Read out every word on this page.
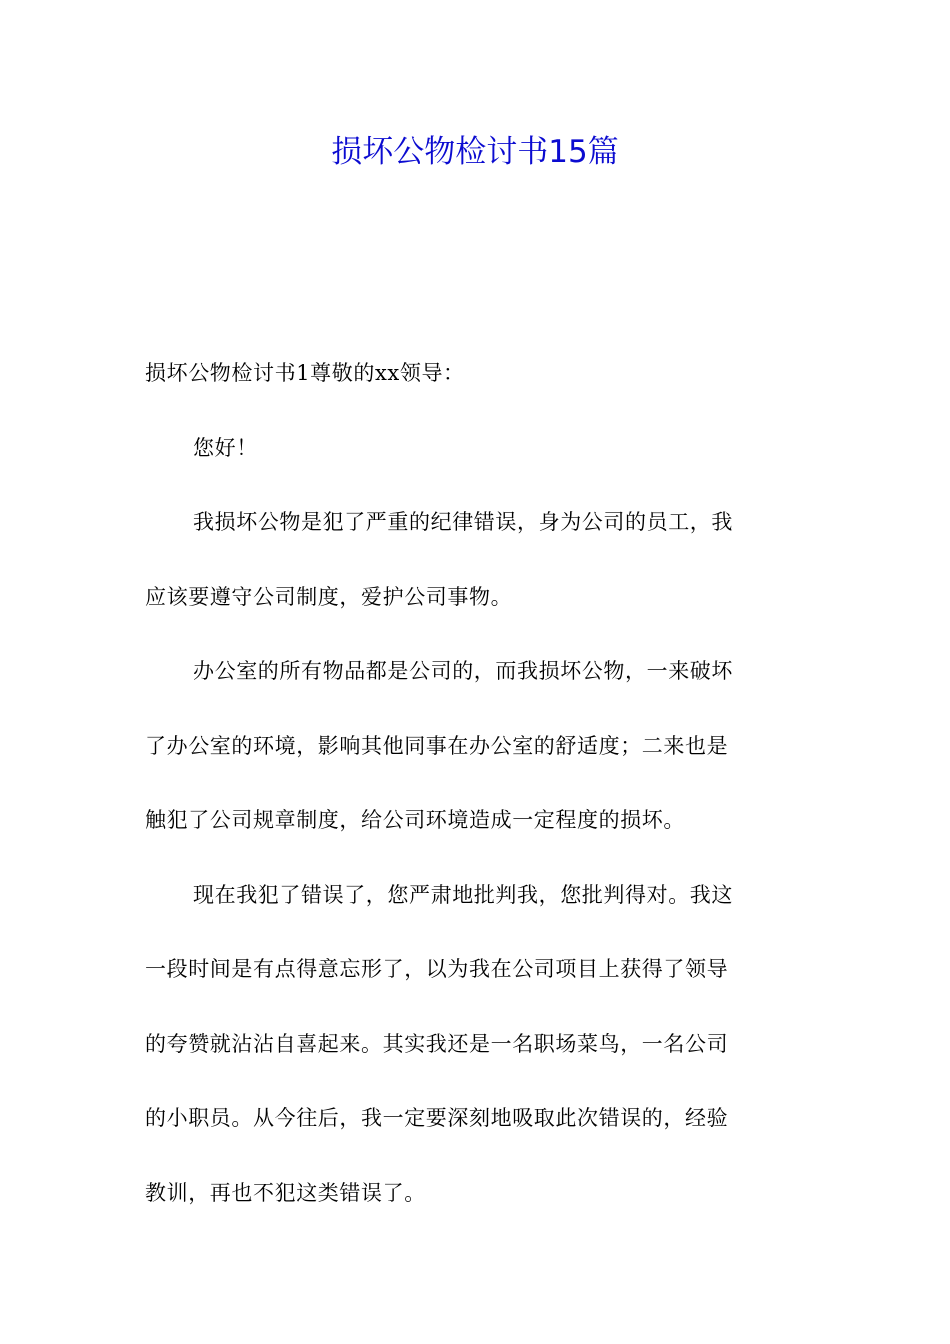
损坏公物检讨书15篇
损坏公物检讨书1尊敬的xx领导：
您好！
我损坏公物是犯了严重的纪律错误，身为公司的员工，我
应该要遵守公司制度，爱护公司事物。
办公室的所有物品都是公司的，而我损坏公物，一来破坏
了办公室的环境，影响其他同事在办公室的舒适度；二来也是
触犯了公司规章制度，给公司环境造成一定程度的损坏。
现在我犯了错误了，您严肃地批判我，您批判得对。我这
一段时间是有点得意忘形了，以为我在公司项目上获得了领导
的夸赞就沾沾自喜起来。其实我还是一名职场菜鸟，一名公司
的小职员。从今往后，我一定要深刻地吸取此次错误的，经验
教训，再也不犯这类错误了。
